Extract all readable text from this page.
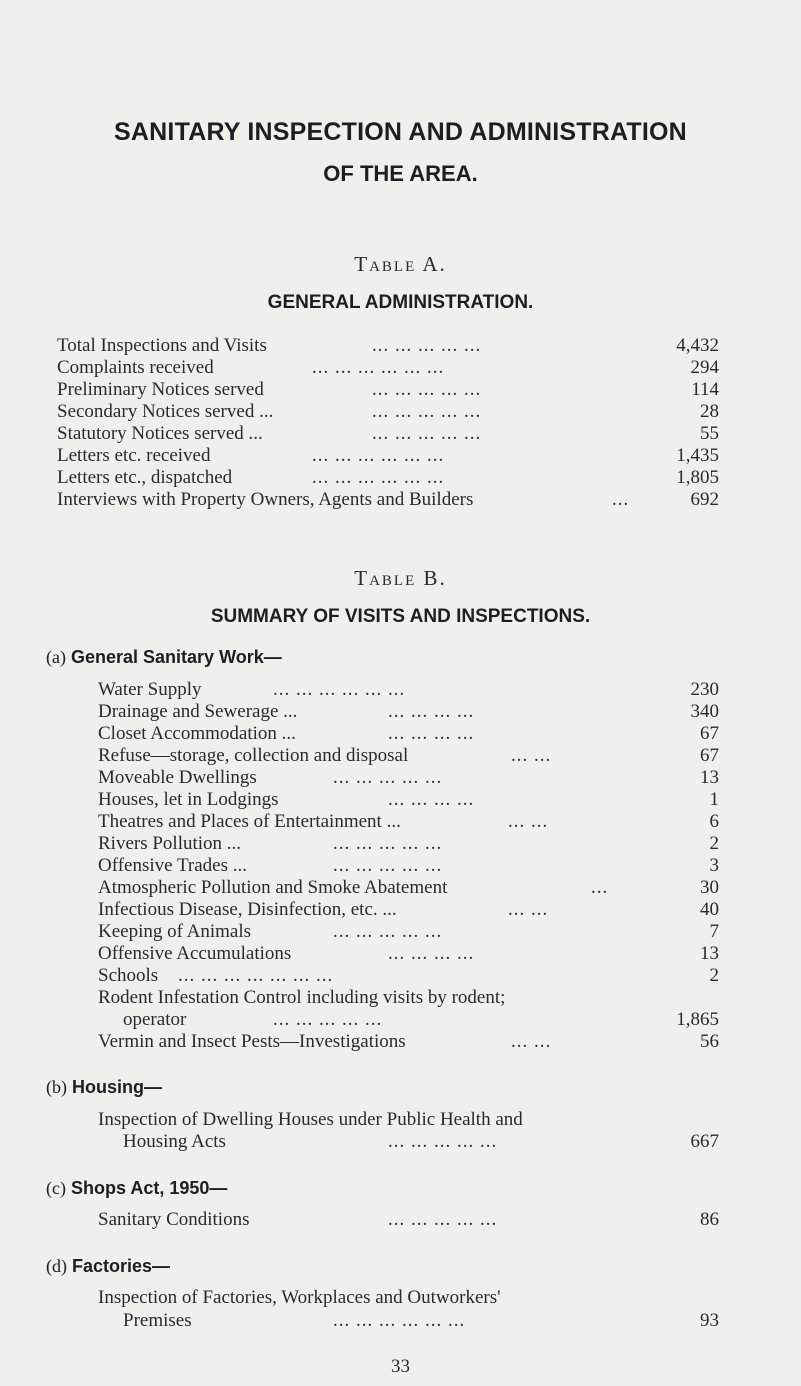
SANITARY INSPECTION AND ADMINISTRATION
OF THE AREA.
Table A.
GENERAL ADMINISTRATION.
Total Inspections and Visits	... ... ... ... ...	4,432
Complaints received	... ... ... ... ... ...	294
Preliminary Notices served	... ... ... ... ...	114
Secondary Notices served ...	... ... ... ... ...	28
Statutory Notices served ...	... ... ... ... ...	55
Letters etc. received	... ... ... ... ... ...	1,435
Letters etc., dispatched	... ... ... ... ... ...	1,805
Interviews with Property Owners, Agents and Builders	...	692
Table B.
SUMMARY OF VISITS AND INSPECTIONS.
(a) General Sanitary Work—
Water Supply	... ... ... ... ... ...	230
Drainage and Sewerage ...	... ... ... ...	340
Closet Accommodation ...	... ... ... ...	67
Refuse—storage, collection and disposal	... ...	67
Moveable Dwellings	... ... ... ... ...	13
Houses, let in Lodgings	... ... ... ...	1
Theatres and Places of Entertainment ...	... ...	6
Rivers Pollution ...	... ... ... ... ...	2
Offensive Trades ...	... ... ... ... ...	3
Atmospheric Pollution and Smoke Abatement	...	30
Infectious Disease, Disinfection, etc. ...	... ...	40
Keeping of Animals	... ... ... ... ...	7
Offensive Accumulations	... ... ... ...	13
Schools ... ... ... ... ... ... ...	2
Rodent Infestation Control including visits by rodent;
operator	... ... ... ... ...	1,865
Vermin and Insect Pests—Investigations	... ...	56
(b) Housing—
Inspection of Dwelling Houses under Public Health and
Housing Acts	... ... ... ... ...	667
(c) Shops Act, 1950—
Sanitary Conditions	... ... ... ... ...	86
(d) Factories—
Inspection of Factories, Workplaces and Outworkers'
Premises	... ... ... ... ... ...	93
33
